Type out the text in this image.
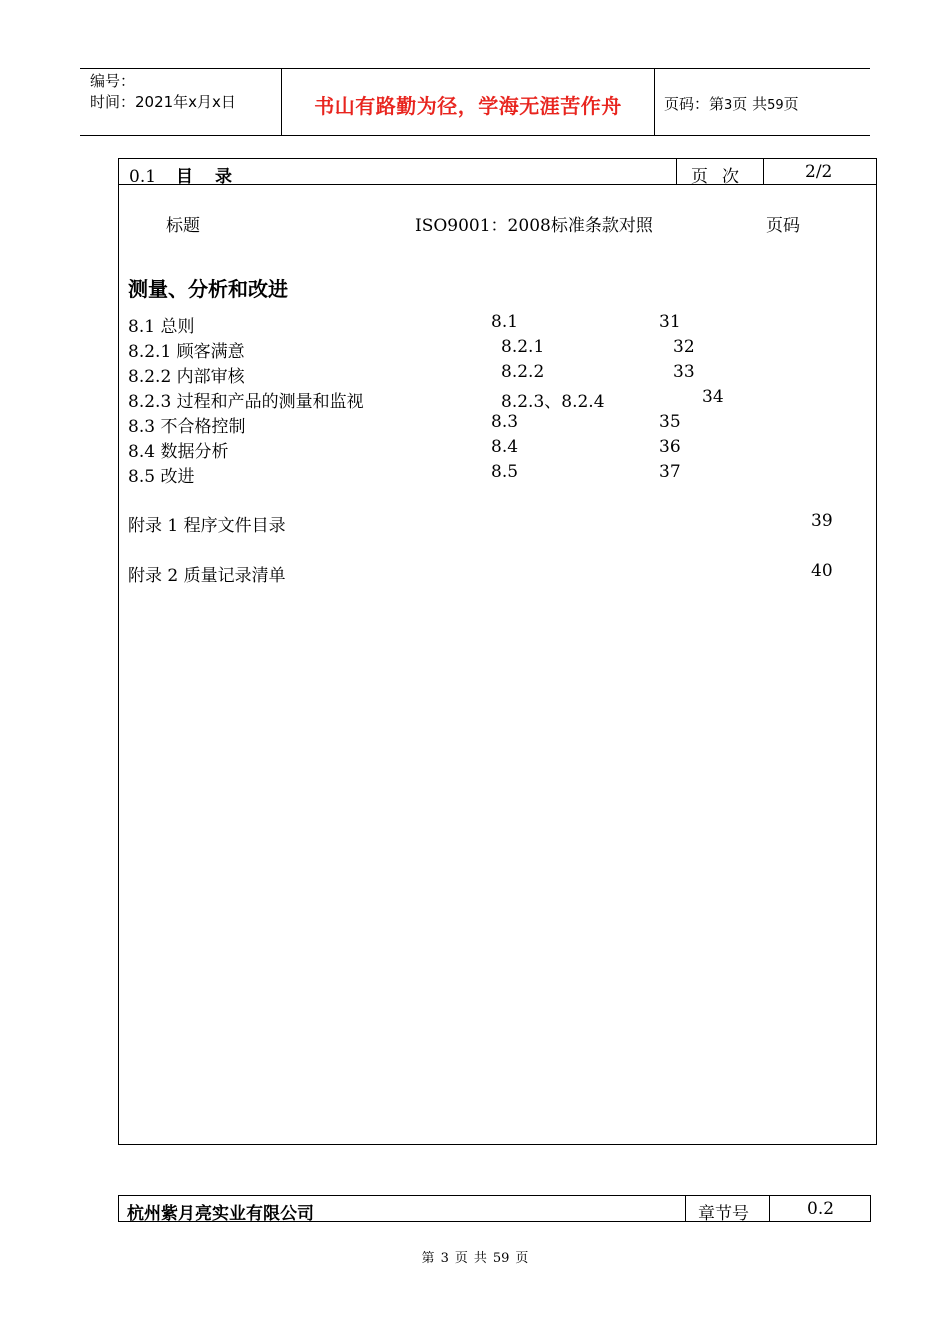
编号：
时间：2021年x月x日	书山有路勤为径，学海无涯苦作舟	页码：第3页 共59页
0.1 目录	页次	2/2
标题	ISO9001：2008标准条款对照	页码
测量、分析和改进
8.1 总则	8.1	31
8.2.1 顾客满意	8.2.1	32
8.2.2 内部审核	8.2.2	33
8.2.3 过程和产品的测量和监视	8.2.3、8.2.4	34
8.3 不合格控制	8.3	35
8.4 数据分析	8.4	36
8.5 改进	8.5	37
附录 1 程序文件目录	39
附录 2 质量记录清单	40
杭州紫月亮实业有限公司	章节号	0.2
第 3 页 共 59 页
